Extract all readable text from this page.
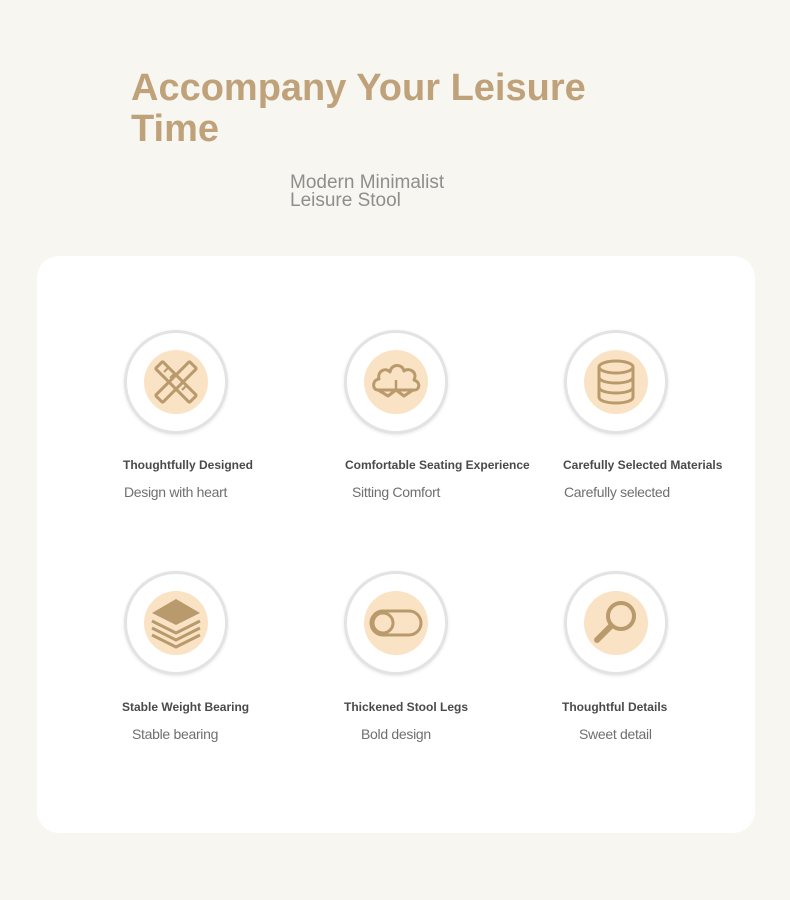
Accompany Your Leisure Time

Modern Minimalist Leisure Stool

Thoughtfully Designed
Design with heart
Comfortable Seating Experience
Sitting Comfort
Carefully Selected Materials
Carefully selected
Stable Weight Bearing
Stable bearing
Thickened Stool Legs
Bold design
Thoughtful Details
Sweet detail
